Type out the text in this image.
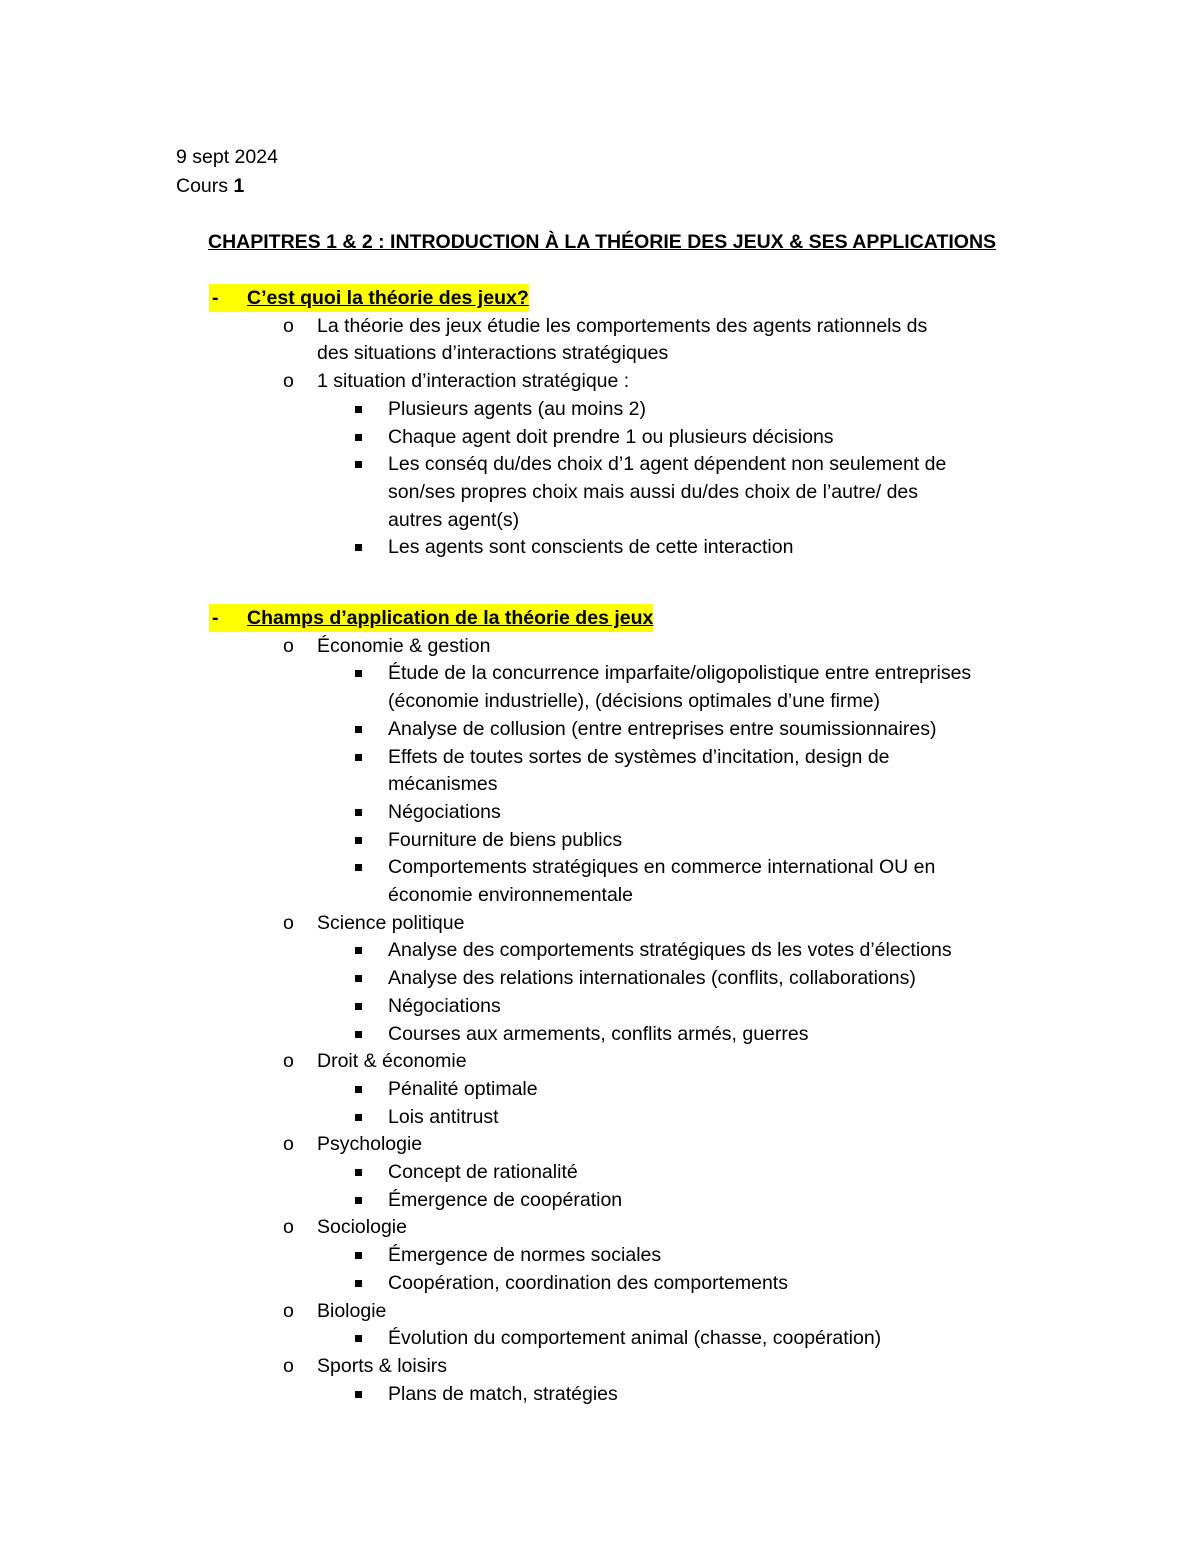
9 sept 2024
Cours 1
CHAPITRES 1 & 2 : INTRODUCTION À LA THÉORIE DES JEUX & SES APPLICATIONS
- C’est quoi la théorie des jeux?
o La théorie des jeux étudie les comportements des agents rationnels ds
des situations d’interactions stratégiques
o 1 situation d’interaction stratégique :
Plusieurs agents (au moins 2)
Chaque agent doit prendre 1 ou plusieurs décisions
Les conséq du/des choix d’1 agent dépendent non seulement de
son/ses propres choix mais aussi du/des choix de l’autre/ des
autres agent(s)
Les agents sont conscients de cette interaction
- Champs d’application de la théorie des jeux
o Économie & gestion
Étude de la concurrence imparfaite/oligopolistique entre entreprises
(économie industrielle), (décisions optimales d’une firme)
Analyse de collusion (entre entreprises entre soumissionnaires)
Effets de toutes sortes de systèmes d’incitation, design de
mécanismes
Négociations
Fourniture de biens publics
Comportements stratégiques en commerce international OU en
économie environnementale
o Science politique
Analyse des comportements stratégiques ds les votes d’élections
Analyse des relations internationales (conflits, collaborations)
Négociations
Courses aux armements, conflits armés, guerres
o Droit & économie
Pénalité optimale
Lois antitrust
o Psychologie
Concept de rationalité
Émergence de coopération
o Sociologie
Émergence de normes sociales
Coopération, coordination des comportements
o Biologie
Évolution du comportement animal (chasse, coopération)
o Sports & loisirs
Plans de match, stratégies
